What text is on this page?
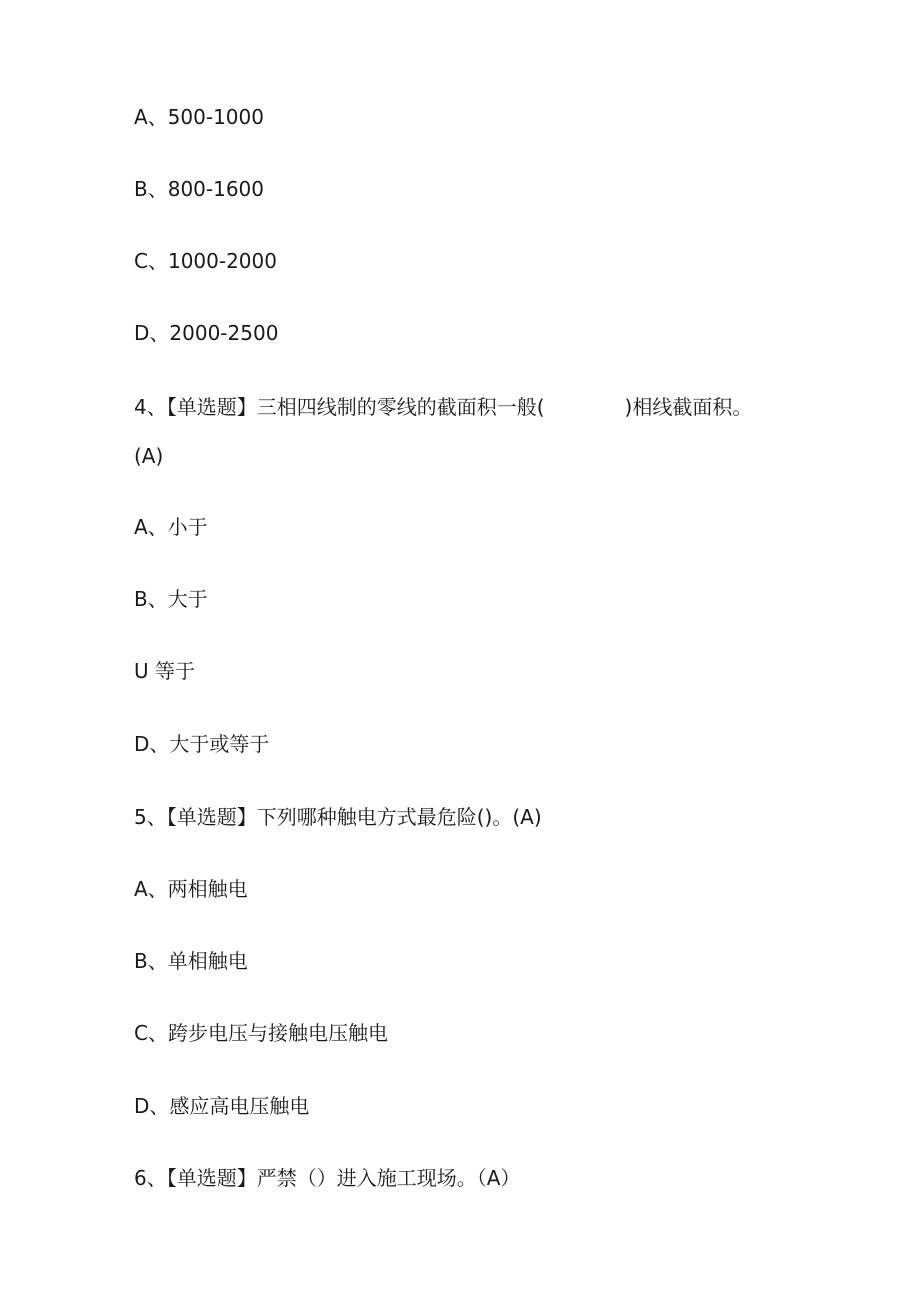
A、500-1000
B、800-1600
C、1000-2000
D、2000-2500
4、【单选题】三相四线制的零线的截面积一般(　　　　)相线截面积。
(A)
A、小于
B、大于
U 等于
D、大于或等于
5、【单选题】下列哪种触电方式最危险()。(A)
A、两相触电
B、单相触电
C、跨步电压与接触电压触电
D、感应高电压触电
6、【单选题】严禁（）进入施工现场。（A）
